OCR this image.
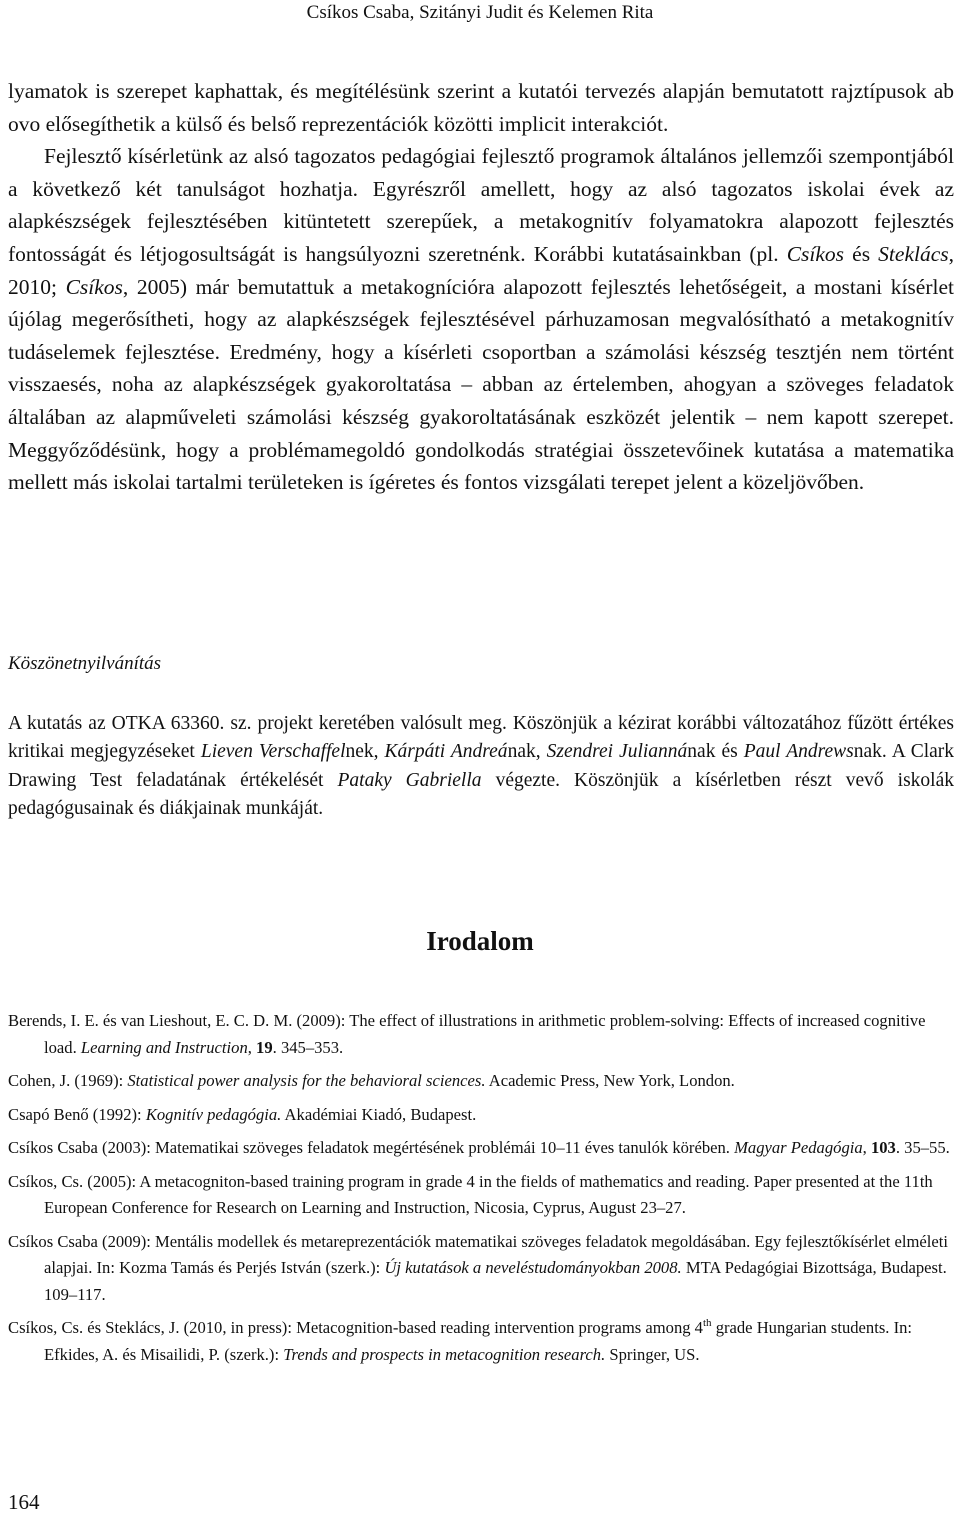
Csíkos Csaba, Szitányi Judit és Kelemen Rita

lyamatok is szerepet kaphattak, és megítélésünk szerint a kutatói tervezés alapján bemutatott rajztípusok ab ovo elősegíthetik a külső és belső reprezentációk közötti implicit interakciót.

Fejlesztő kísérletünk az alsó tagozatos pedagógiai fejlesztő programok általános jellemzői szempontjából a következő két tanulságot hozhatja. Egyrészről amellett, hogy az alsó tagozatos iskolai évek az alapkészségek fejlesztésében kitüntetett szerepűek, a metakognitív folyamatokra alapozott fejlesztés fontosságát és létjogosultságát is hangsúlyozni szeretnénk. Korábbi kutatásainkban (pl. Csíkos és Steklács, 2010; Csíkos, 2005) már bemutattuk a metakognícióra alapozott fejlesztés lehetőségeit, a mostani kísérlet újólag megerősítheti, hogy az alapkészségek fejlesztésével párhuzamosan megvalósítható a metakognitív tudáselemek fejlesztése. Eredmény, hogy a kísérleti csoportban a számolási készség tesztjén nem történt visszaesés, noha az alapkészségek gyakoroltatása – abban az értelemben, ahogyan a szöveges feladatok általában az alapműveleti számolási készség gyakoroltatásának eszközét jelentik – nem kapott szerepet. Meggyőződésünk, hogy a problémamegoldó gondolkodás stratégiai összetevőinek kutatása a matematika mellett más iskolai tartalmi területeken is ígéretes és fontos vizsgálati terepet jelent a közeljövőben.

Köszönetnyilvánítás

A kutatás az OTKA 63360. sz. projekt keretében valósult meg. Köszönjük a kézirat korábbi változatához fűzött értékes kritikai megjegyzéseket Lieven Verschaffelnek, Kárpáti Andreának, Szendrei Juliannának és Paul Andrewsnak. A Clark Drawing Test feladatának értékelését Pataky Gabriella végezte. Köszönjük a kísérletben részt vevő iskolák pedagógusainak és diákjainak munkáját.

Irodalom

Berends, I. E. és van Lieshout, E. C. D. M. (2009): The effect of illustrations in arithmetic problem-solving: Effects of increased cognitive load. Learning and Instruction, 19. 345–353.

Cohen, J. (1969): Statistical power analysis for the behavioral sciences. Academic Press, New York, London.

Csapó Benő (1992): Kognitív pedagógia. Akadémiai Kiadó, Budapest.

Csíkos Csaba (2003): Matematikai szöveges feladatok megértésének problémái 10–11 éves tanulók körében. Magyar Pedagógia, 103. 35–55.

Csíkos, Cs. (2005): A metacogniton-based training program in grade 4 in the fields of mathematics and reading. Paper presented at the 11th European Conference for Research on Learning and Instruction, Nicosia, Cyprus, August 23–27.

Csíkos Csaba (2009): Mentális modellek és metareprezentációk matematikai szöveges feladatok megoldásában. Egy fejlesztőkísérlet elméleti alapjai. In: Kozma Tamás és Perjés István (szerk.): Új kutatások a neveléstudományokban 2008. MTA Pedagógiai Bizottsága, Budapest. 109–117.

Csíkos, Cs. és Steklács, J. (2010, in press): Metacognition-based reading intervention programs among 4th grade Hungarian students. In: Efkides, A. és Misailidi, P. (szerk.): Trends and prospects in metacognition research. Springer, US.

164
